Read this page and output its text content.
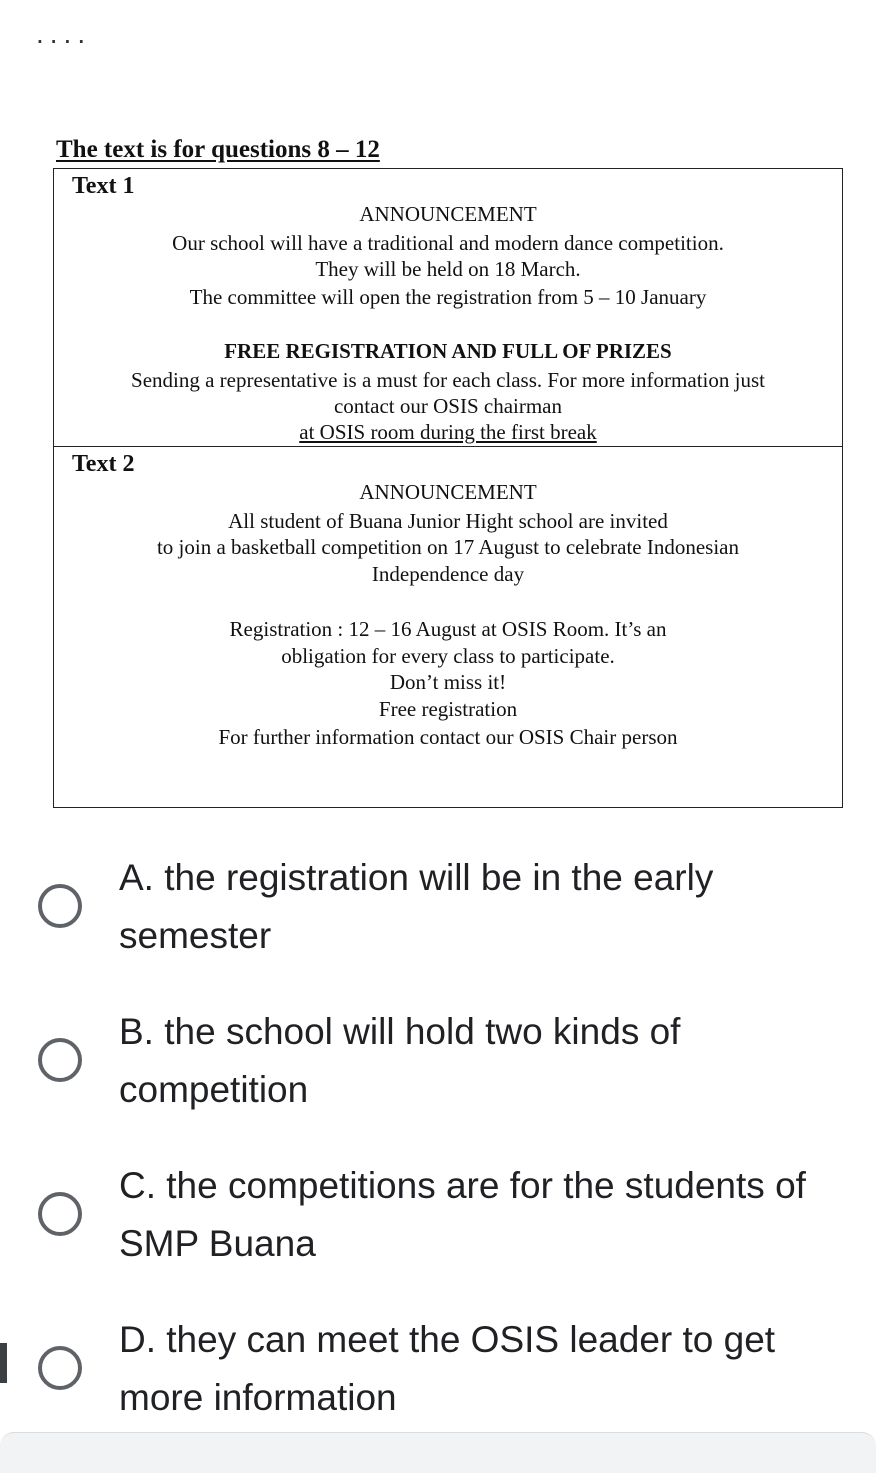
....
The text is for questions 8 – 12
Text 1
ANNOUNCEMENT
Our school will have a traditional and modern dance competition.
They will be held on 18 March.
The committee will open the registration from 5 – 10 January
FREE REGISTRATION AND FULL OF PRIZES
Sending a representative is a must for each class. For more information just
contact our OSIS chairman
at OSIS room during the first break
Text 2
ANNOUNCEMENT
All student of Buana Junior Hight school are invited
to join a basketball competition on 17 August to celebrate Indonesian
Independence day
Registration : 12 – 16 August at OSIS Room. It’s an
obligation for every class to participate.
Don’t miss it!
Free registration
For further information contact our OSIS Chair person
A. the registration will be in the early
semester
B. the school will hold two kinds of
competition
C. the competitions are for the students of
SMP Buana
D. they can meet the OSIS leader to get
more information
